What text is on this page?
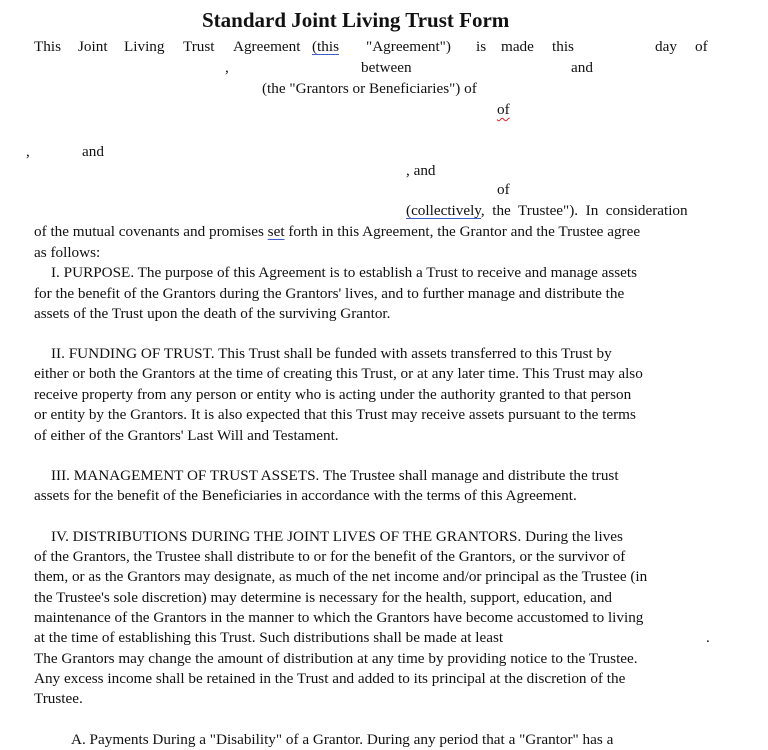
Standard Joint Living Trust Form
This Joint Living Trust Agreement (this "Agreement") is made this	day of
,	between	and
(the "Grantors or Beneficiaries") of
of
,	and
, and
of
(collectively, the Trustee"). In consideration
of the mutual covenants and promises set forth in this Agreement, the Grantor and the Trustee agree
as follows:
I. PURPOSE. The purpose of this Agreement is to establish a Trust to receive and manage assets
for the benefit of the Grantors during the Grantors' lives, and to further manage and distribute the
assets of the Trust upon the death of the surviving Grantor.
II. FUNDING OF TRUST. This Trust shall be funded with assets transferred to this Trust by
either or both the Grantors at the time of creating this Trust, or at any later time. This Trust may also
receive property from any person or entity who is acting under the authority granted to that person
or entity by the Grantors. It is also expected that this Trust may receive assets pursuant to the terms
of either of the Grantors' Last Will and Testament.
III. MANAGEMENT OF TRUST ASSETS. The Trustee shall manage and distribute the trust
assets for the benefit of the Beneficiaries in accordance with the terms of this Agreement.
IV. DISTRIBUTIONS DURING THE JOINT LIVES OF THE GRANTORS. During the lives
of the Grantors, the Trustee shall distribute to or for the benefit of the Grantors, or the survivor of
them, or as the Grantors may designate, as much of the net income and/or principal as the Trustee (in
the Trustee's sole discretion) may determine is necessary for the health, support, education, and
maintenance of the Grantors in the manner to which the Grantors have become accustomed to living
at the time of establishing this Trust. Such distributions shall be made at least	.
The Grantors may change the amount of distribution at any time by providing notice to the Trustee.
Any excess income shall be retained in the Trust and added to its principal at the discretion of the
Trustee.
A. Payments During a "Disability" of a Grantor. During any period that a "Grantor" has a
